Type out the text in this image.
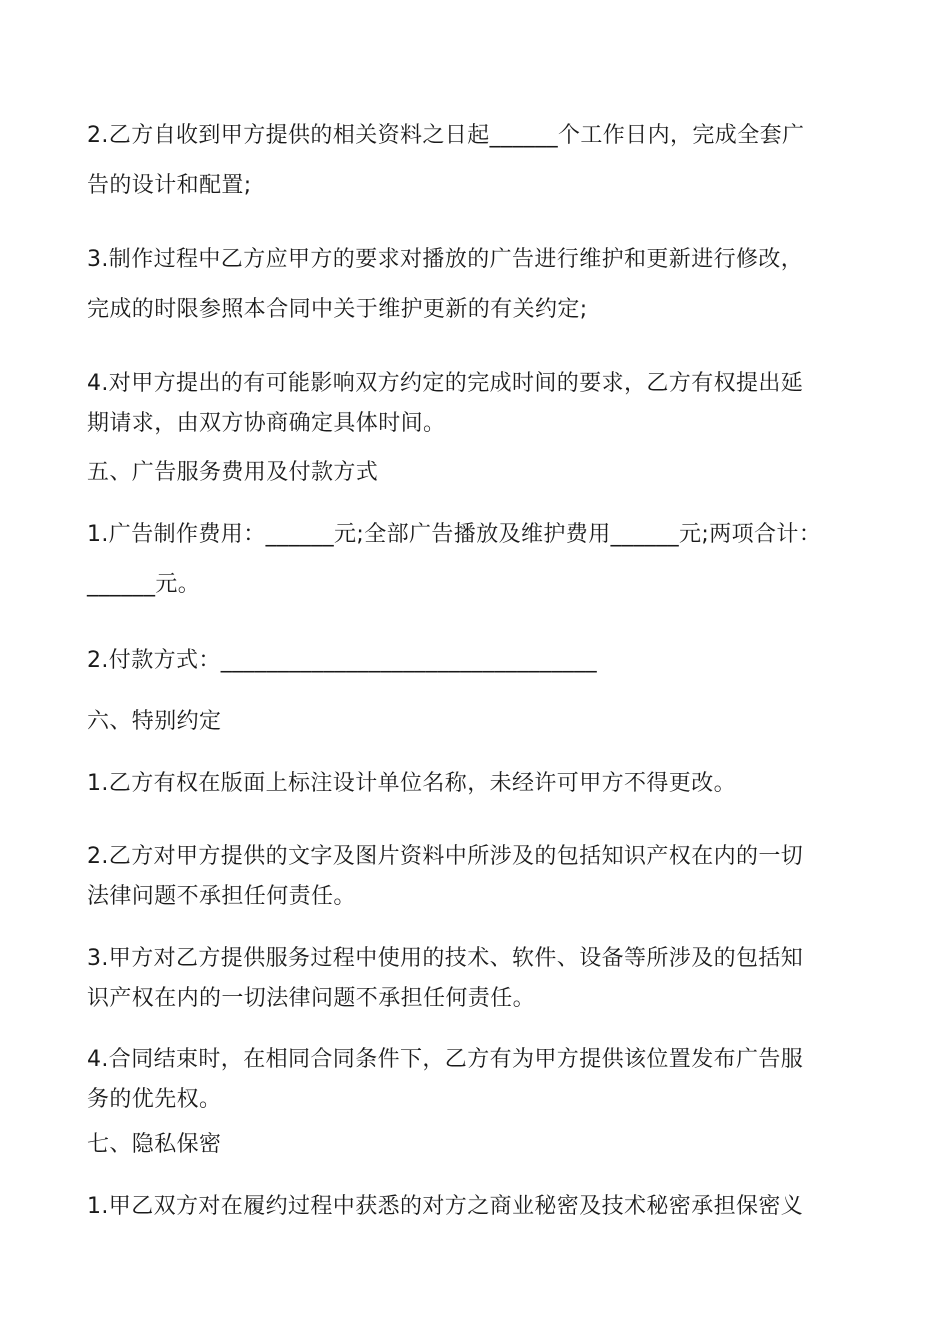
2.乙方自收到甲方提供的相关资料之日起______个工作日内，完成全套广
告的设计和配置;
3.制作过程中乙方应甲方的要求对播放的广告进行维护和更新进行修改，
完成的时限参照本合同中关于维护更新的有关约定;
4.对甲方提出的有可能影响双方约定的完成时间的要求，乙方有权提出延
期请求，由双方协商确定具体时间。
五、广告服务费用及付款方式
1.广告制作费用：______元;全部广告播放及维护费用______元;两项合计：
______元。
2.付款方式：_________________________________
六、特别约定
1.乙方有权在版面上标注设计单位名称，未经许可甲方不得更改。
2.乙方对甲方提供的文字及图片资料中所涉及的包括知识产权在内的一切
法律问题不承担任何责任。
3.甲方对乙方提供服务过程中使用的技术、软件、设备等所涉及的包括知
识产权在内的一切法律问题不承担任何责任。
4.合同结束时，在相同合同条件下，乙方有为甲方提供该位置发布广告服
务的优先权。
七、隐私保密
1.甲乙双方对在履约过程中获悉的对方之商业秘密及技术秘密承担保密义
